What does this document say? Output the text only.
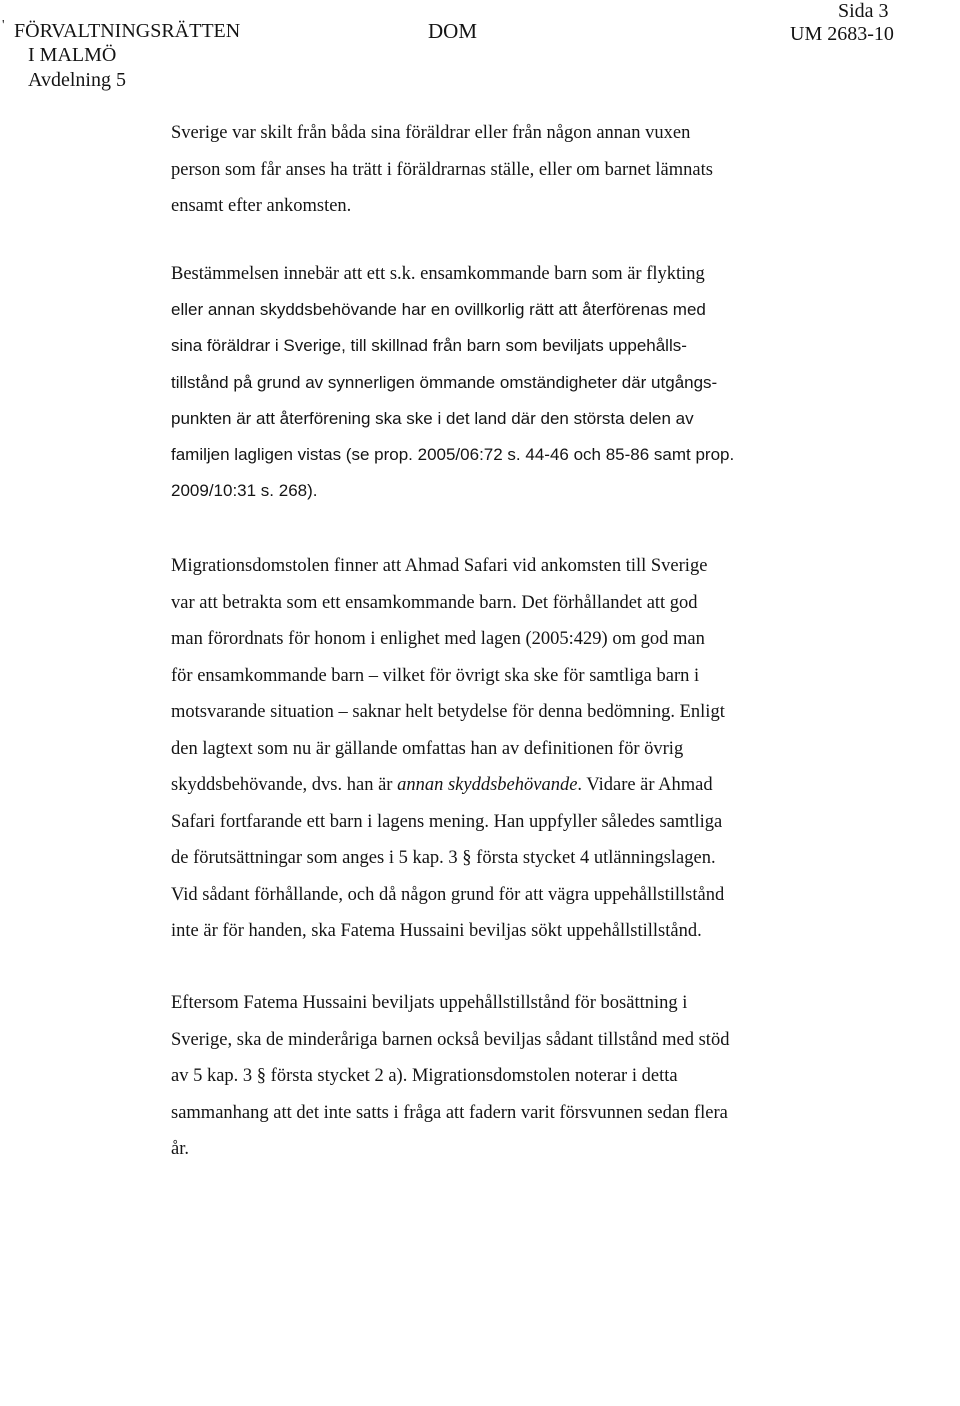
' FÖRVALTNINGSRÄTTEN
I MALMÖ
Avdelning 5
DOM
Sida 3
UM 2683-10

Sverige var skilt från båda sina föräldrar eller från någon annan vuxen
person som får anses ha trätt i föräldrarnas ställe, eller om barnet lämnats
ensamt efter ankomsten.

Bestämmelsen innebär att ett s.k. ensamkommande barn som är flykting
eller annan skyddsbehövande har en ovillkorlig rätt att återförenas med
sina föräldrar i Sverige, till skillnad från barn som beviljats uppehålls-
tillstånd på grund av synnerligen ömmande omständigheter där utgångs-
punkten är att återförening ska ske i det land där den största delen av
familjen lagligen vistas (se prop. 2005/06:72 s. 44-46 och 85-86 samt prop.
2009/10:31 s. 268).

Migrationsdomstolen finner att Ahmad Safari vid ankomsten till Sverige
var att betrakta som ett ensamkommande barn. Det förhållandet att god
man förordnats för honom i enlighet med lagen (2005:429) om god man
för ensamkommande barn – vilket för övrigt ska ske för samtliga barn i
motsvarande situation – saknar helt betydelse för denna bedömning. Enligt
den lagtext som nu är gällande omfattas han av definitionen för övrig
skyddsbehövande, dvs. han är annan skyddsbehövande. Vidare är Ahmad
Safari fortfarande ett barn i lagens mening. Han uppfyller således samtliga
de förutsättningar som anges i 5 kap. 3 § första stycket 4 utlänningslagen.
Vid sådant förhållande, och då någon grund för att vägra uppehållstillstånd
inte är för handen, ska Fatema Hussaini beviljas sökt uppehållstillstånd.

Eftersom Fatema Hussaini beviljats uppehållstillstånd för bosättning i
Sverige, ska de minderåriga barnen också beviljas sådant tillstånd med stöd
av 5 kap. 3 § första stycket 2 a). Migrationsdomstolen noterar i detta
sammanhang att det inte satts i fråga att fadern varit försvunnen sedan flera
år.
